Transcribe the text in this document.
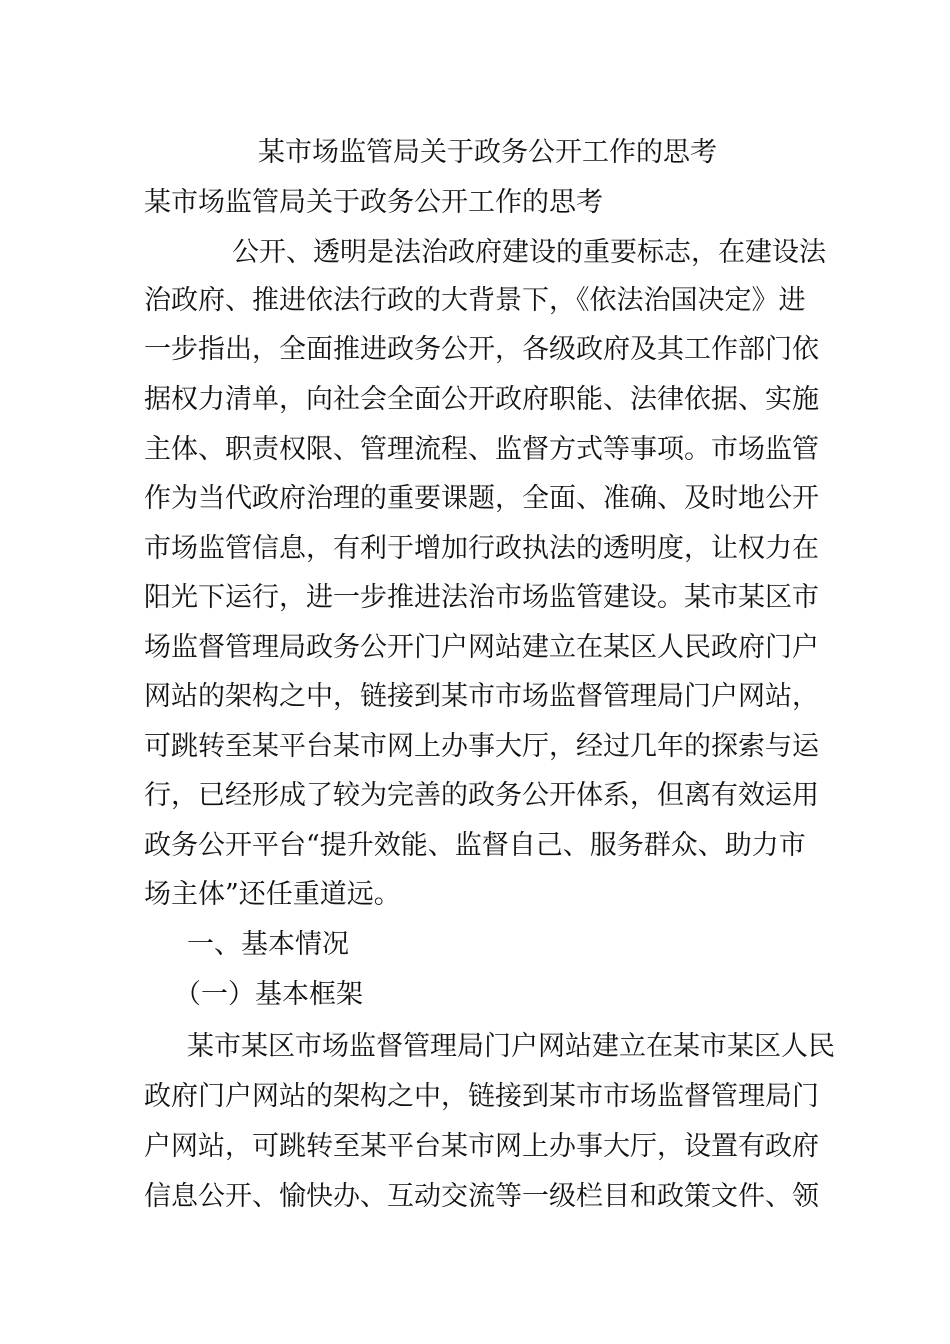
某市场监管局关于政务公开工作的思考
某市场监管局关于政务公开工作的思考
公开、透明是法治政府建设的重要标志，在建设法
治政府、推进依法行政的大背景下，《依法治国决定》进
一步指出，全面推进政务公开，各级政府及其工作部门依
据权力清单，向社会全面公开政府职能、法律依据、实施
主体、职责权限、管理流程、监督方式等事项。市场监管
作为当代政府治理的重要课题，全面、准确、及时地公开
市场监管信息，有利于增加行政执法的透明度，让权力在
阳光下运行，进一步推进法治市场监管建设。某市某区市
场监督管理局政务公开门户网站建立在某区人民政府门户
网站的架构之中，链接到某市市场监督管理局门户网站，
可跳转至某平台某市网上办事大厅，经过几年的探索与运
行，已经形成了较为完善的政务公开体系，但离有效运用
政务公开平台“提升效能、监督自己、服务群众、助力市
场主体”还任重道远。
一、基本情况
（一）基本框架
某市某区市场监督管理局门户网站建立在某市某区人民
政府门户网站的架构之中，链接到某市市场监督管理局门
户网站，可跳转至某平台某市网上办事大厅，设置有政府
信息公开、愉快办、互动交流等一级栏目和政策文件、领
